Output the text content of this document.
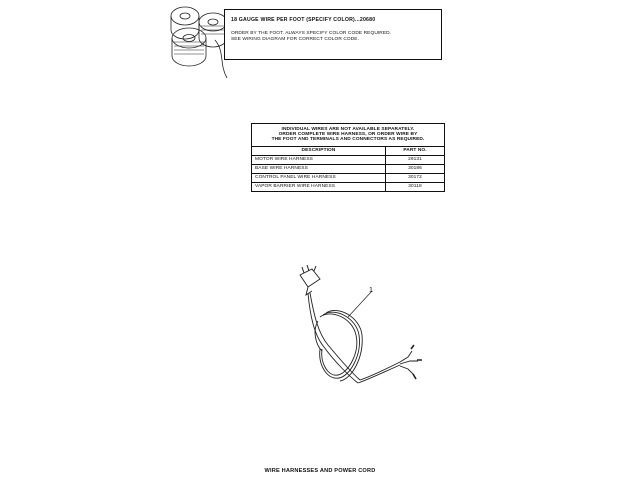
18 GAUGE WIRE PER FOOT (SPECIFY COLOR)...20680
ORDER BY THE FOOT. ALWAYS SPECIFY COLOR CODE REQUIRED.
SEE WIRING DIAGRAM FOR CORRECT COLOR CODE.
INDIVIDUAL WIRES ARE NOT AVAILABLE SEPARATELY.
ORDER COMPLETE WIRE HARNESS, OR ORDER WIRE BY
THE FOOT AND TERMINALS AND CONNECTORS AS REQUIRED.	

DESCRIPTION	PART NO.
MOTOR WIRE HARNESS	29131
BASE WIRE HARNESS	30186
CONTROL PANEL WIRE HARNESS	30172
VAPOR BARRIER WIRE HARNESS	30118
1
WIRE HARNESSES AND POWER CORD
